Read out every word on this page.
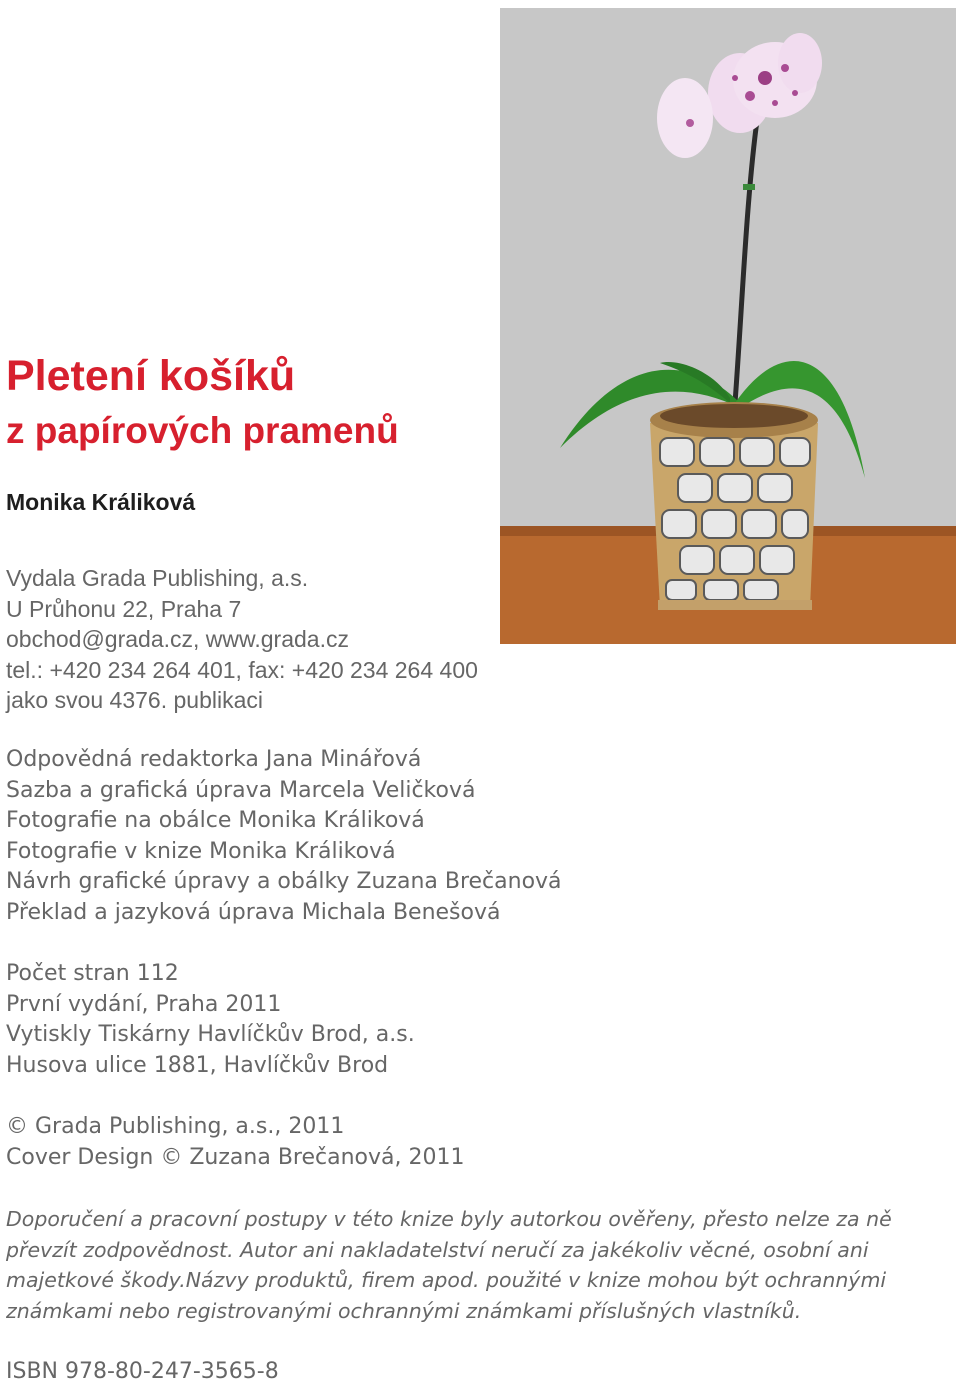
Pletení košíků
z papírových pramenů
Monika Králiková
Vydala Grada Publishing, a.s.
U Průhonu 22, Praha 7
obchod@grada.cz, www.grada.cz
tel.: +420 234 264 401, fax: +420 234 264 400
jako svou 4376. publikaci
Odpovědná redaktorka Jana Minářová
Sazba a grafická úprava Marcela Veličková
Fotografie na obálce Monika Králiková
Fotografie v knize Monika Králiková
Návrh grafické úpravy a obálky Zuzana Brečanová
Překlad a jazyková úprava Michala Benešová
Počet stran 112
První vydání, Praha 2011
Vytiskly Tiskárny Havlíčkův Brod, a.s.
Husova ulice 1881, Havlíčkův Brod
© Grada Publishing, a.s., 2011
Cover Design © Zuzana Brečanová, 2011
Doporučení a pracovní postupy v této knize byly autorkou ověřeny, přesto nelze za ně
převzít zodpovědnost. Autor ani nakladatelství neručí za jakékoliv věcné, osobní ani
majetkové škody.Názvy produktů, firem apod. použité v knize mohou být ochrannými
známkami nebo registrovanými ochrannými známkami příslušných vlastníků.
ISBN 978-80-247-3565-8
